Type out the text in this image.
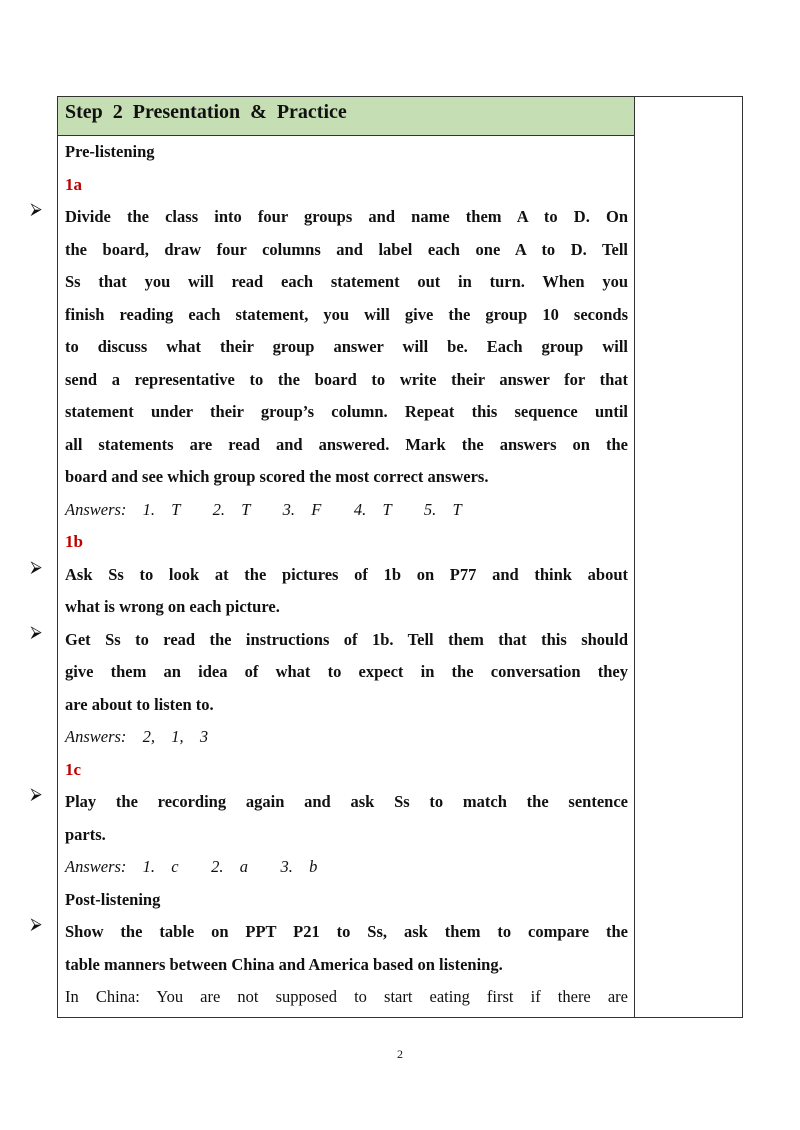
Step 2 Presentation & Practice
Pre-listening
1a
⮚ Divide the class into four groups and name them A to D. On
the board, draw four columns and label each one A to D. Tell
Ss that you will read each statement out in turn. When you
finish reading each statement, you will give the group 10 seconds
to discuss what their group answer will be. Each group will
send a representative to the board to write their answer for that
statement under their group’s column. Repeat this sequence until
all statements are read and answered. Mark the answers on the
board and see which group scored the most correct answers.
Answers:  1.  T    2.  T    3.  F    4.  T    5.  T
1b
⮚ Ask Ss to look at the pictures of 1b on P77 and think about
what is wrong on each picture.
⮚ Get Ss to read the instructions of 1b. Tell them that this should
give them an idea of what to expect in the conversation they
are about to listen to.
Answers:  2,  1,  3
1c
⮚ Play the recording again and ask Ss to match the sentence
parts.
Answers:  1.  c    2.  a    3.  b
Post-listening
⮚ Show the table on PPT P21 to Ss, ask them to compare the
table manners between China and America based on listening.
In China: You are not supposed to start eating first if there are
2
